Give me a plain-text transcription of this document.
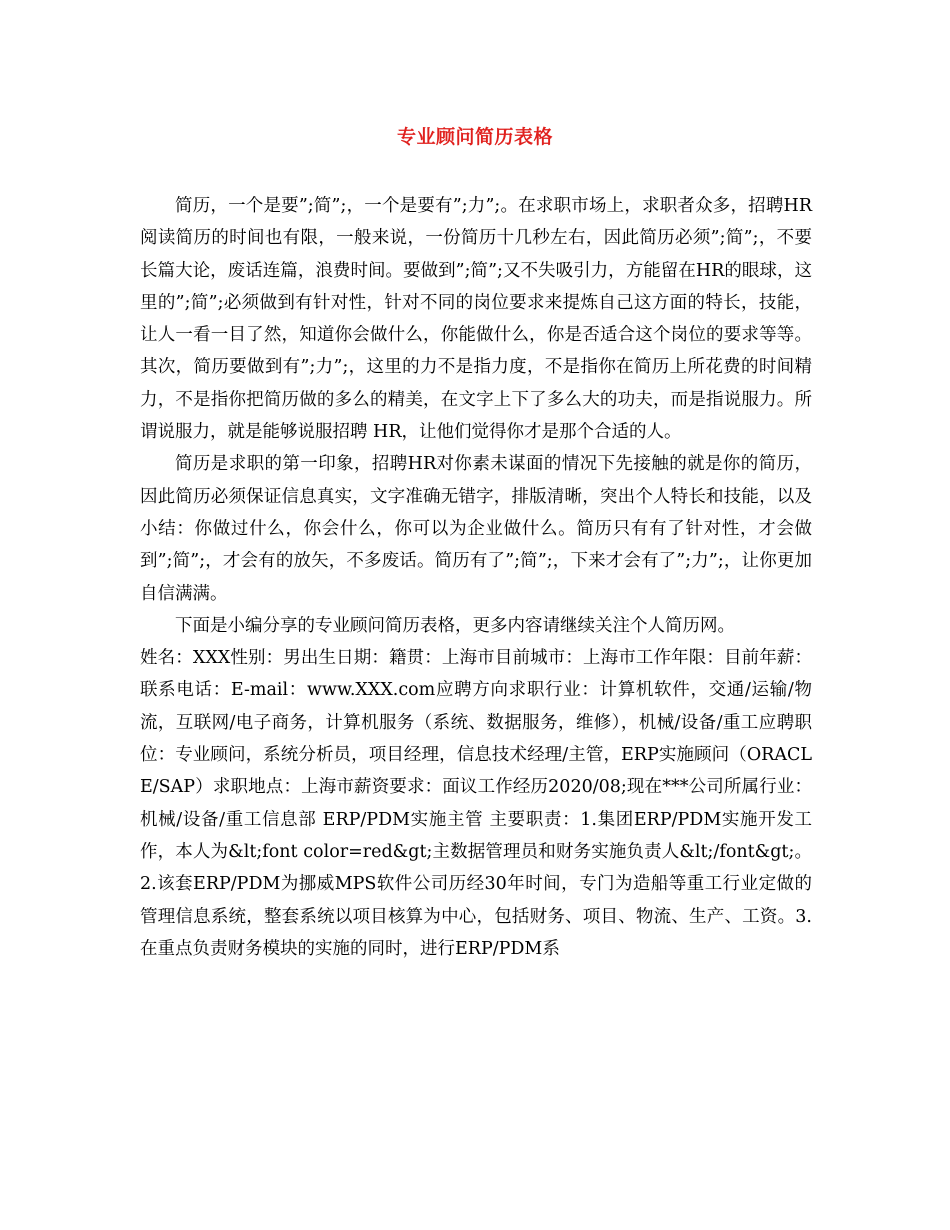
专业顾问简历表格

简历，一个是要”;简”;，一个是要有”;力”;。在求职市场上，求职者众多，招聘HR阅读简历的时间也有限，一般来说，一份简历十几秒左右，因此简历必须”;简”;，不要长篇大论，废话连篇，浪费时间。要做到”;简”;又不失吸引力，方能留在HR的眼球，这里的”;简”;必须做到有针对性，针对不同的岗位要求来提炼自己这方面的特长，技能，让人一看一目了然，知道你会做什么，你能做什么，你是否适合这个岗位的要求等等。其次，简历要做到有”;力”;，这里的力不是指力度，不是指你在简历上所花费的时间精力，不是指你把简历做的多么的精美，在文字上下了多么大的功夫，而是指说服力。所谓说服力，就是能够说服招聘 HR，让他们觉得你才是那个合适的人。

简历是求职的第一印象，招聘HR对你素未谋面的情况下先接触的就是你的简历，因此简历必须保证信息真实，文字准确无错字，排版清晰，突出个人特长和技能，以及小结：你做过什么，你会什么，你可以为企业做什么。简历只有有了针对性，才会做到”;简”;，才会有的放矢，不多废话。简历有了”;简”;，下来才会有了”;力”;，让你更加自信满满。

下面是小编分享的专业顾问简历表格，更多内容请继续关注个人简历网。

姓名：XXX性别：男出生日期：籍贯：上海市目前城市：上海市工作年限：目前年薪：联系电话：E-mail：www.XXX.com应聘方向求职行业：计算机软件，交通/运输/物流，互联网/电子商务，计算机服务（系统、数据服务，维修），机械/设备/重工应聘职位：专业顾问，系统分析员，项目经理，信息技术经理/主管，ERP实施顾问（ORACLE/SAP）求职地点：上海市薪资要求：面议工作经历2020/08;现在***公司所属行业：机械/设备/重工信息部 ERP/PDM实施主管 主要职责：1.集团ERP/PDM实施开发工作，本人为&lt;font color=red&gt;主数据管理员和财务实施负责人&lt;/font&gt;。2.该套ERP/PDM为挪威MPS软件公司历经30年时间，专门为造船等重工行业定做的管理信息系统，整套系统以项目核算为中心，包括财务、项目、物流、生产、工资。3.在重点负责财务模块的实施的同时，进行ERP/PDM系
